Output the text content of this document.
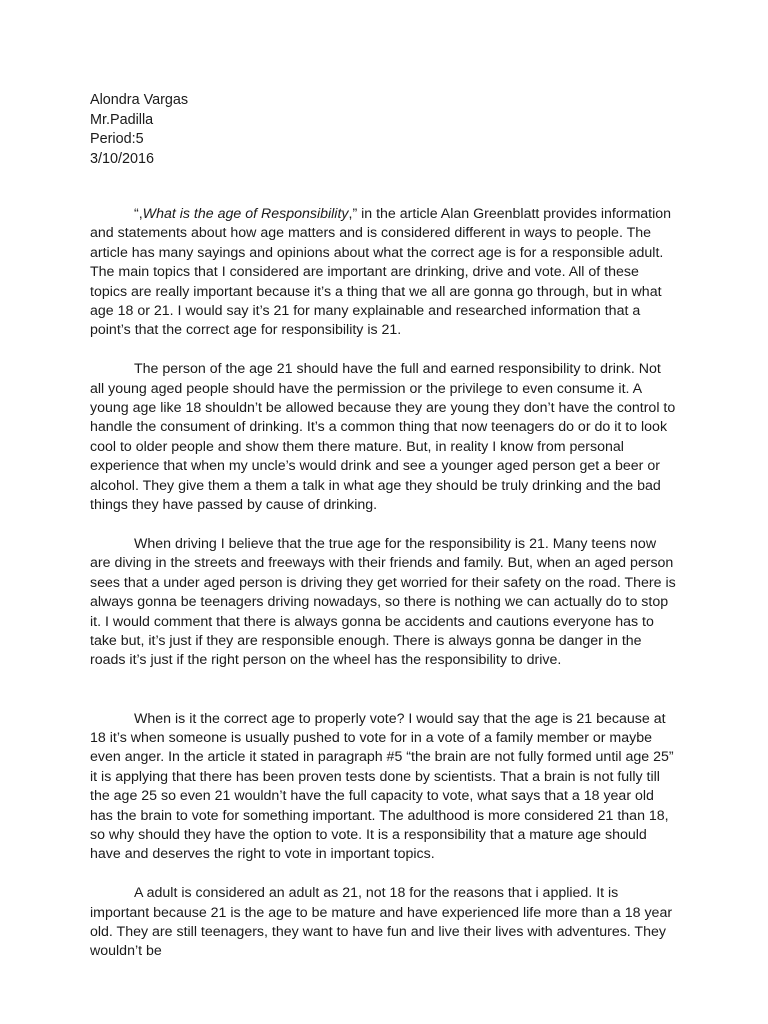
Alondra Vargas
Mr.Padilla
Period:5
3/10/2016

“,What is the age of Responsibility,” in the article Alan Greenblatt provides information and statements about how age matters and is considered different in ways to people. The article has many sayings and opinions about what the correct age is for a responsible adult. The main topics that I considered are important are drinking, drive and vote. All of these topics are really important because it’s a thing that we all are gonna go through, but in what age 18 or 21. I would say it’s 21 for many explainable and researched information that a point’s that the correct age for responsibility is 21.

The person of the age 21 should have the full and earned responsibility to drink. Not all young aged people should have the permission or the privilege to even consume it. A young age like 18 shouldn’t be allowed because they are young they don’t have the control to handle the consument of drinking. It’s a common thing that now teenagers do or do it to look cool to older people and show them there mature. But, in reality I know from personal experience that when my uncle’s would drink and see a younger aged person get a beer or alcohol. They give them a them a talk in what age they should be truly drinking and the bad things they have passed by cause of drinking.

When driving I believe that the true age for the responsibility is 21. Many teens now are diving in the streets and freeways with their friends and family. But, when an aged person sees that a under aged person is driving they get worried for their safety on the road. There is always gonna be teenagers driving nowadays, so there is nothing we can actually do to stop it. I would comment that there is always gonna be accidents and cautions everyone has to take but, it’s just if they are responsible enough. There is always gonna be danger in the roads it’s just if the right person on the wheel has the responsibility to drive.

When is it the correct age to properly vote? I would say that the age is 21 because at 18 it’s when someone is usually pushed to vote for in a vote of a family member or maybe even anger. In the article it stated in paragraph #5 “the brain are not fully formed until age 25” it is applying that there has been proven tests done by scientists. That a brain is not fully till the age 25 so even 21 wouldn’t have the full capacity to vote, what says that a 18 year old has the brain to vote for something important. The adulthood is more considered 21 than 18, so why should they have the option to vote. It is a responsibility that a mature age should have and deserves the right to vote in important topics.

A adult is considered an adult as 21, not 18 for the reasons that i applied. It is important because 21 is the age to be mature and have experienced life more than a 18 year old. They are still teenagers, they want to have fun and live their lives with adventures. They wouldn’t be
